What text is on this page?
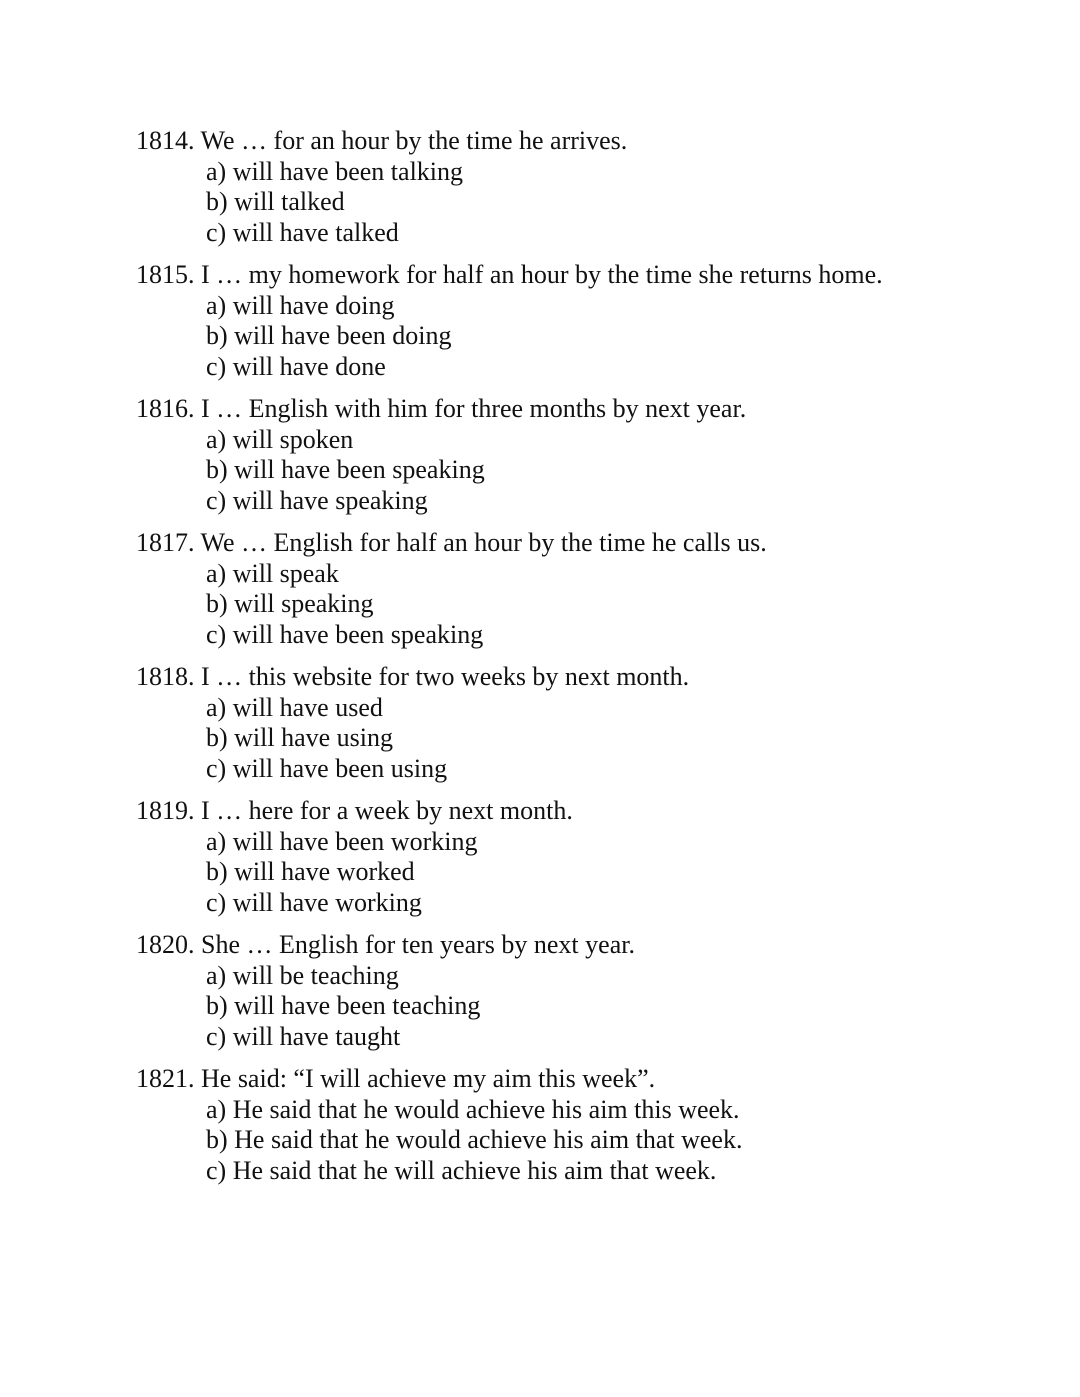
1814. We … for an hour by the time he arrives.
a) will have been talking
b) will talked
c) will have talked
1815. I … my homework for half an hour by the time she returns home.
a) will have doing
b) will have been doing
c) will have done
1816. I … English with him for three months by next year.
a) will spoken
b) will have been speaking
c) will have speaking
1817. We … English for half an hour by the time he calls us.
a) will speak
b) will speaking
c) will have been speaking
1818. I … this website for two weeks by next month.
a) will have used
b) will have using
c) will have been using
1819. I … here for a week by next month.
a) will have been working
b) will have worked
c) will have working
1820. She … English for ten years by next year.
a) will be teaching
b) will have been teaching
c) will have taught
1821. He said: “I will achieve my aim this week”.
a) He said that he would achieve his aim this week.
b) He said that he would achieve his aim that week.
c) He said that he will achieve his aim that week.
